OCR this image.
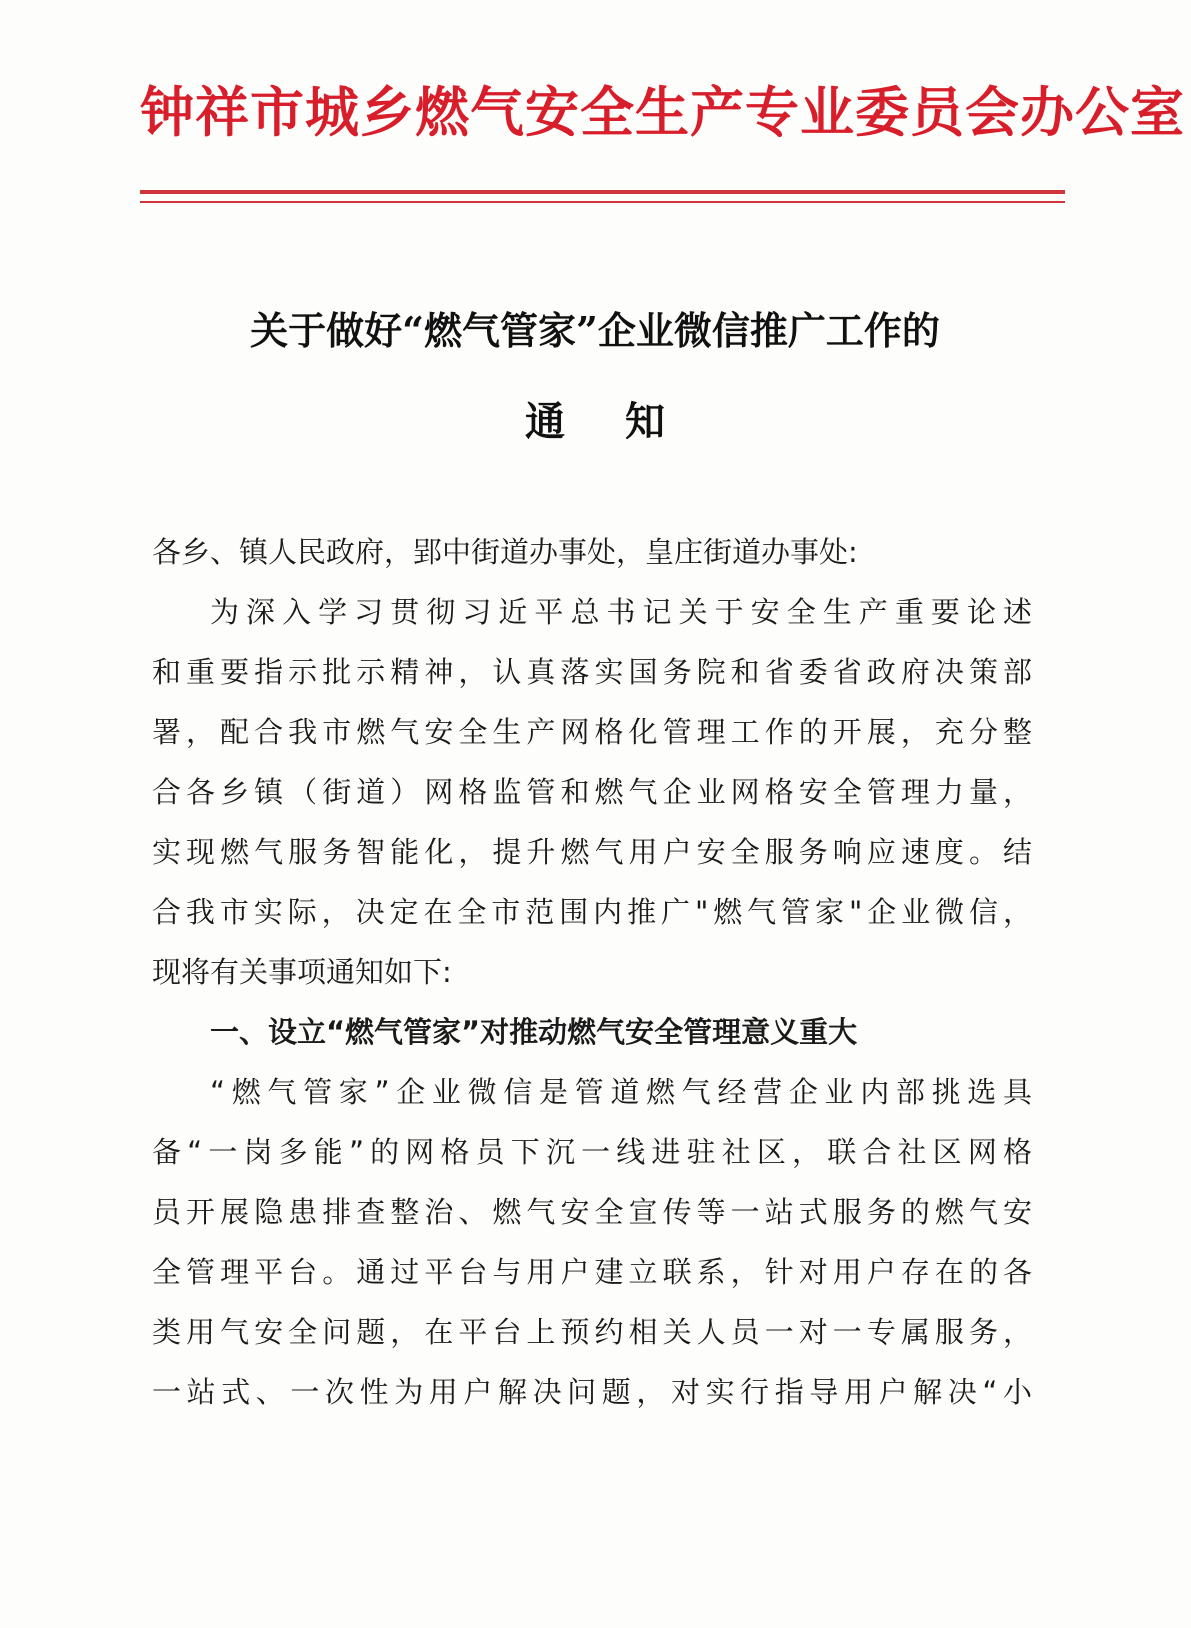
钟祥市城乡燃气安全生产专业委员会办公室
关于做好“燃气管家”企业微信推广工作的
通知
各乡、镇人民政府，郢中街道办事处，皇庄街道办事处:
为深入学习贯彻习近平总书记关于安全生产重要论述
和重要指示批示精神，认真落实国务院和省委省政府决策部
署，配合我市燃气安全生产网格化管理工作的开展，充分整
合各乡镇（街道）网格监管和燃气企业网格安全管理力量，
实现燃气服务智能化，提升燃气用户安全服务响应速度。结
合我市实际，决定在全市范围内推广"燃气管家"企业微信，
现将有关事项通知如下:
一、设立“燃气管家”对推动燃气安全管理意义重大
“燃气管家”企业微信是管道燃气经营企业内部挑选具
备“一岗多能”的网格员下沉一线进驻社区，联合社区网格
员开展隐患排查整治、燃气安全宣传等一站式服务的燃气安
全管理平台。通过平台与用户建立联系，针对用户存在的各
类用气安全问题，在平台上预约相关人员一对一专属服务，
一站式、一次性为用户解决问题，对实行指导用户解决“小
